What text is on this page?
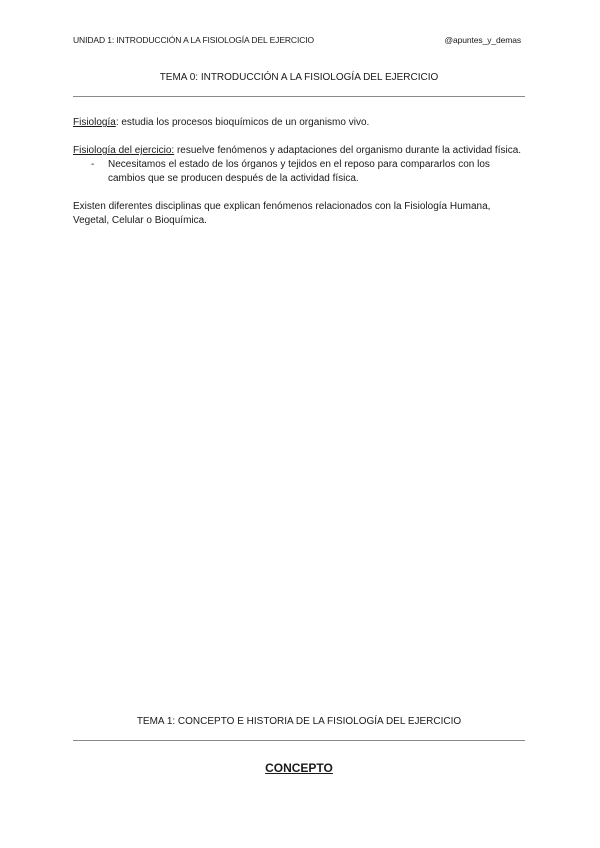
UNIDAD 1: INTRODUCCIÓN A LA FISIOLOGÍA DEL EJERCICIO	@apuntes_y_demas
TEMA 0: INTRODUCCIÓN A LA FISIOLOGÍA DEL EJERCICIO

Fisiología: estudia los procesos bioquímicos de un organismo vivo.

Fisiología del ejercicio: resuelve fenómenos y adaptaciones del organismo durante la actividad física.

- Necesitamos el estado de los órganos y tejidos en el reposo para compararlos con los cambios que se producen después de la actividad física.

Existen diferentes disciplinas que explican fenómenos relacionados con la Fisiología Humana, Vegetal, Celular o Bioquímica.

TEMA 1: CONCEPTO E HISTORIA DE LA FISIOLOGÍA DEL EJERCICIO
CONCEPTO
